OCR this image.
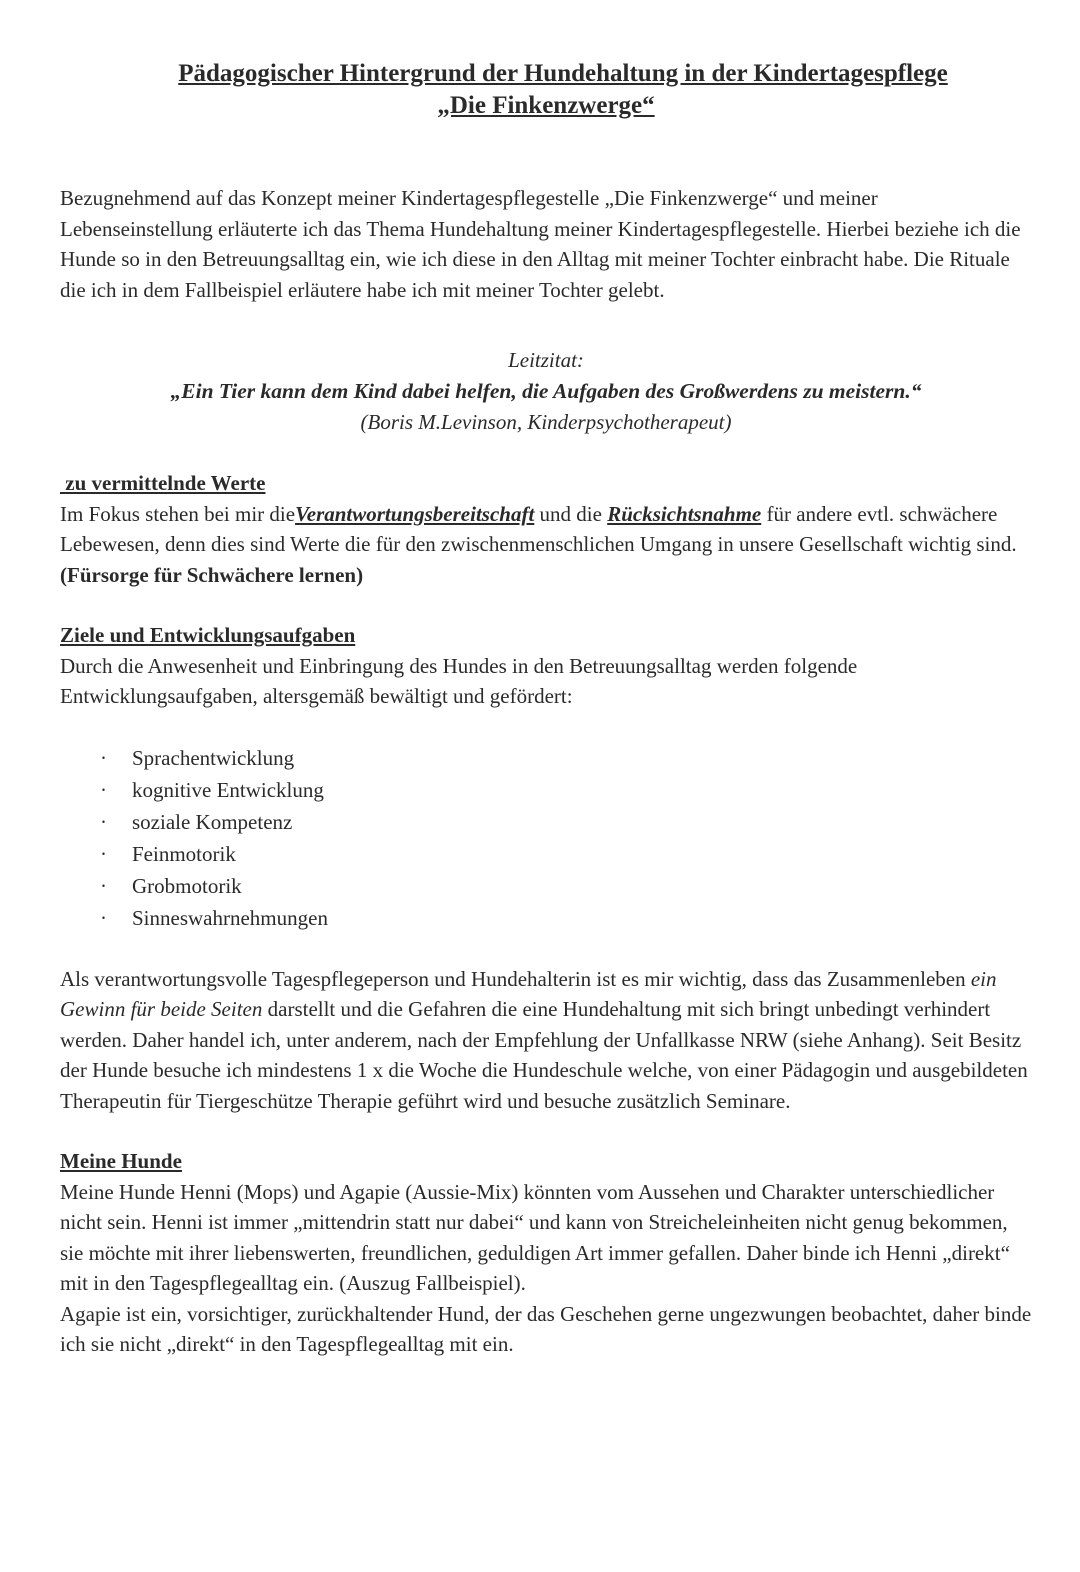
Pädagogischer Hintergrund der Hundehaltung in der Kindertagespflege
„Die Finkenzwerge“

Bezugnehmend auf das Konzept meiner Kindertagespflegestelle „Die Finkenzwerge“ und meiner Lebenseinstellung erläuterte ich das Thema Hundehaltung meiner Kindertagespflegestelle. Hierbei beziehe ich die Hunde so in den Betreuungsalltag ein, wie ich diese in den Alltag mit meiner Tochter einbracht habe. Die Rituale die ich in dem Fallbeispiel erläutere habe ich mit meiner Tochter gelebt.

Leitzitat:
„Ein Tier kann dem Kind dabei helfen, die Aufgaben des Großwerdens zu meistern.“
(Boris M.Levinson, Kinderpsychotherapeut)
zu vermittelnde Werte

Im Fokus stehen bei mir dieVerantwortungsbereitschaft und die Rücksichtsnahme für andere evtl. schwächere Lebewesen, denn dies sind Werte die für den zwischenmenschlichen Umgang in unsere Gesellschaft wichtig sind. (Fürsorge für Schwächere lernen)

Ziele und Entwicklungsaufgaben

Durch die Anwesenheit und Einbringung des Hundes in den Betreuungsalltag werden folgende Entwicklungsaufgaben, altersgemäß bewältigt und gefördert:

· Sprachentwicklung
· kognitive Entwicklung
· soziale Kompetenz
· Feinmotorik
· Grobmotorik
· Sinneswahrnehmungen

Als verantwortungsvolle Tagespflegeperson und Hundehalterin ist es mir wichtig, dass das Zusammenleben ein Gewinn für beide Seiten darstellt und die Gefahren die eine Hundehaltung mit sich bringt unbedingt verhindert werden. Daher handel ich, unter anderem, nach der Empfehlung der Unfallkasse NRW (siehe Anhang). Seit Besitz der Hunde besuche ich mindestens 1 x die Woche die Hundeschule welche, von einer Pädagogin und ausgebildeten Therapeutin für Tiergeschütze Therapie geführt wird und besuche zusätzlich Seminare.

Meine Hunde

Meine Hunde Henni (Mops) und Agapie (Aussie-Mix) könnten vom Aussehen und Charakter unterschiedlicher nicht sein. Henni ist immer „mittendrin statt nur dabei“ und kann von Streicheleinheiten nicht genug bekommen, sie möchte mit ihrer liebenswerten, freundlichen, geduldigen Art immer gefallen. Daher binde ich Henni „direkt“ mit in den Tagespflegealltag ein. (Auszug Fallbeispiel).

Agapie ist ein, vorsichtiger, zurückhaltender Hund, der das Geschehen gerne ungezwungen beobachtet, daher binde ich sie nicht „direkt“ in den Tagespflegealltag mit ein.
